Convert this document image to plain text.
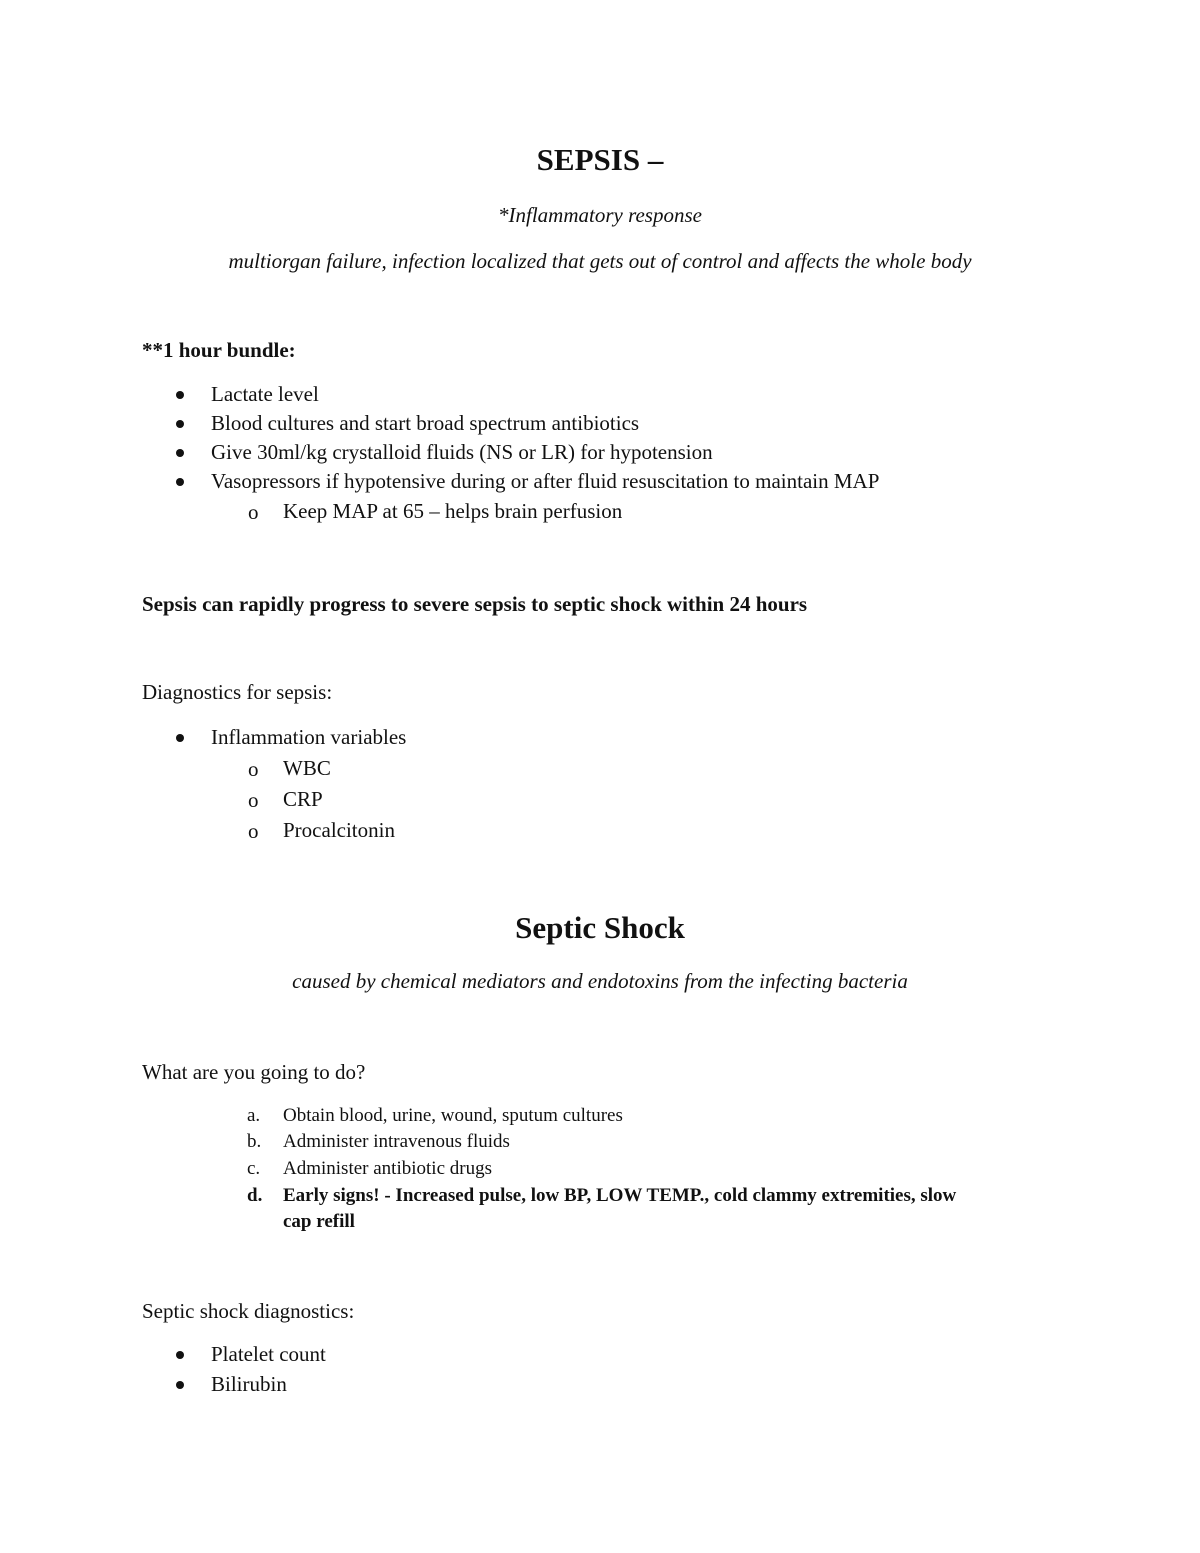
SEPSIS –
*Inflammatory response
multiorgan failure, infection localized that gets out of control and affects the whole body
**1 hour bundle:
Lactate level
Blood cultures and start broad spectrum antibiotics
Give 30ml/kg crystalloid fluids (NS or LR) for hypotension
Vasopressors if hypotensive during or after fluid resuscitation to maintain MAP
o Keep MAP at 65 – helps brain perfusion
Sepsis can rapidly progress to severe sepsis to septic shock within 24 hours
Diagnostics for sepsis:
Inflammation variables
o WBC
o CRP
o Procalcitonin
Septic Shock
caused by chemical mediators and endotoxins from the infecting bacteria
What are you going to do?
a. Obtain blood, urine, wound, sputum cultures
b. Administer intravenous fluids
c. Administer antibiotic drugs
d. Early signs! - Increased pulse, low BP, LOW TEMP., cold clammy extremities, slow
cap refill
Septic shock diagnostics:
Platelet count
Bilirubin
